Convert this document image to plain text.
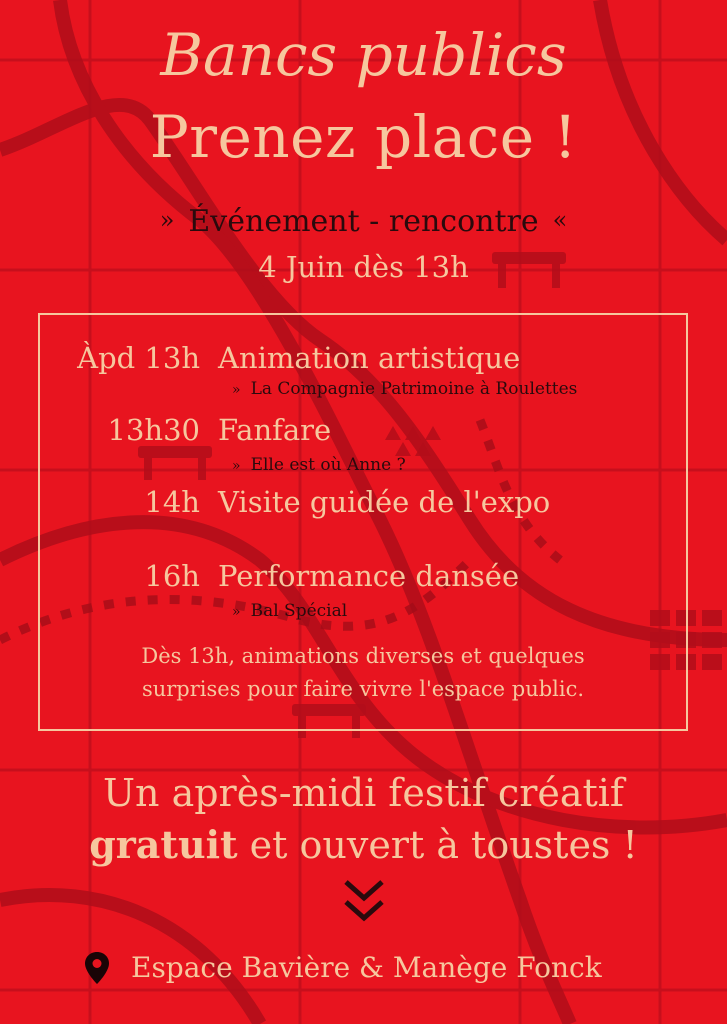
Bancs publics
Prenez place !
» Événement - rencontre «
4 Juin dès 13h
Àpd 13h Animation artistique
» La Compagnie Patrimoine à Roulettes
13h30 Fanfare
» Elle est où Anne ?
14h Visite guidée de l'expo
16h Performance dansée
» Bal Spécial
Dès 13h, animations diverses et quelques
surprises pour faire vivre l'espace public.
Un après-midi festif créatif
gratuit et ouvert à toustes !
Espace Bavière & Manège Fonck
